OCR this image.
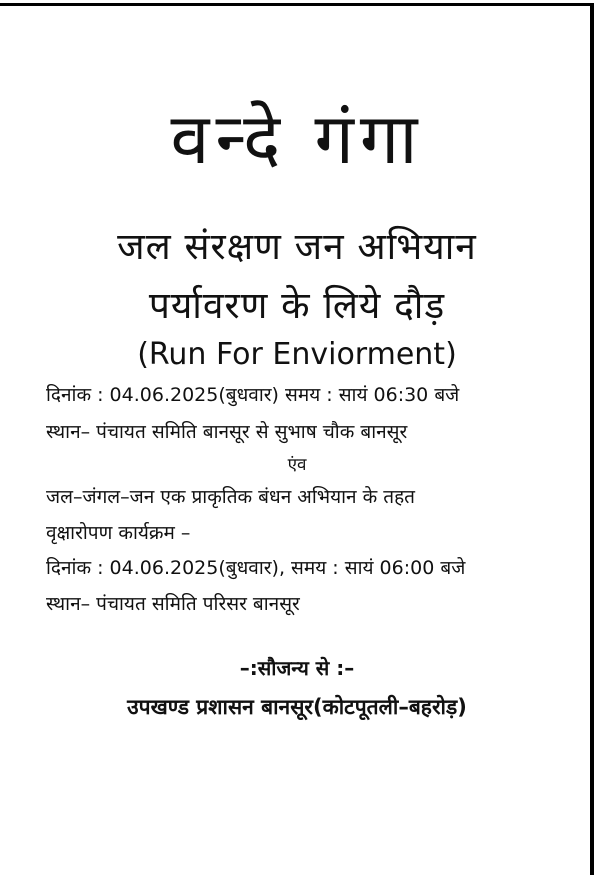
वन्दे गंगा
जल संरक्षण जन अभियान
पर्यावरण के लिये दौड़
(Run For Enviorment)
दिनांक : 04.06.2025(बुधवार) समय : सायं 06:30 बजे
स्थान– पंचायत समिति बानसूर से सुभाष चौक बानसूर
एंव
जल–जंगल–जन एक प्राकृतिक बंधन अभियान के तहत
वृक्षारोपण कार्यक्रम –
दिनांक : 04.06.2025(बुधवार), समय : सायं 06:00 बजे
स्थान– पंचायत समिति परिसर बानसूर
–:सौजन्य से :–
उपखण्ड प्रशासन बानसूर(कोटपूतली–बहरोड़)
